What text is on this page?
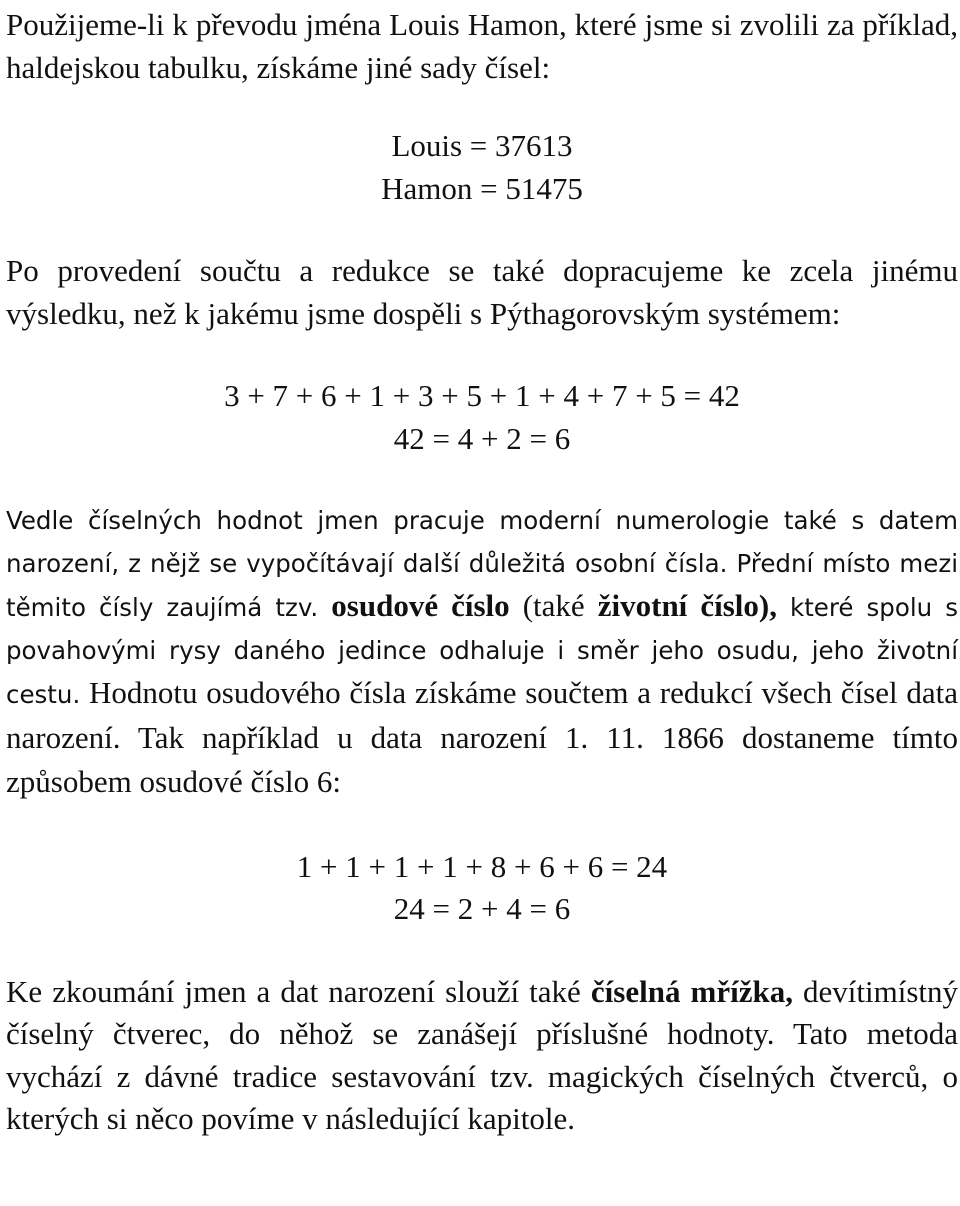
Použijeme-li k převodu jména Louis Hamon, které jsme si zvolili za příklad, haldejskou tabulku, získáme jiné sady čísel:

Louis = 37613

Hamon = 51475

Po provedení součtu a redukce se také dopracujeme ke zcela jinému výsledku, než k jakému jsme dospěli s Pýthagorovským systémem:

3 + 7 + 6 + 1 + 3 + 5 + 1 + 4 + 7 + 5 = 42

42 = 4 + 2 = 6

Vedle číselných hodnot jmen pracuje moderní numerologie také s datem narození, z nějž se vypočítávají další důležitá osobní čísla. Přední místo mezi těmito čísly zaujímá tzv. osudové číslo (také životní číslo), které spolu s povahovými rysy daného jedince odhaluje i směr jeho osudu, jeho životní cestu. Hodnotu osudového čísla získáme součtem a redukcí všech čísel data narození. Tak například u data narození 1. 11. 1866 dostaneme tímto způsobem osudové číslo 6:

1 + 1 + 1 + 1 + 8 + 6 + 6 = 24

24 = 2 + 4 = 6

Ke zkoumání jmen a dat narození slouží také číselná mřížka, devítimístný číselný čtverec, do něhož se zanášejí příslušné hodnoty. Tato metoda vychází z dávné tradice sestavování tzv. magických číselných čtverců, o kterých si něco povíme v následující kapitole.
